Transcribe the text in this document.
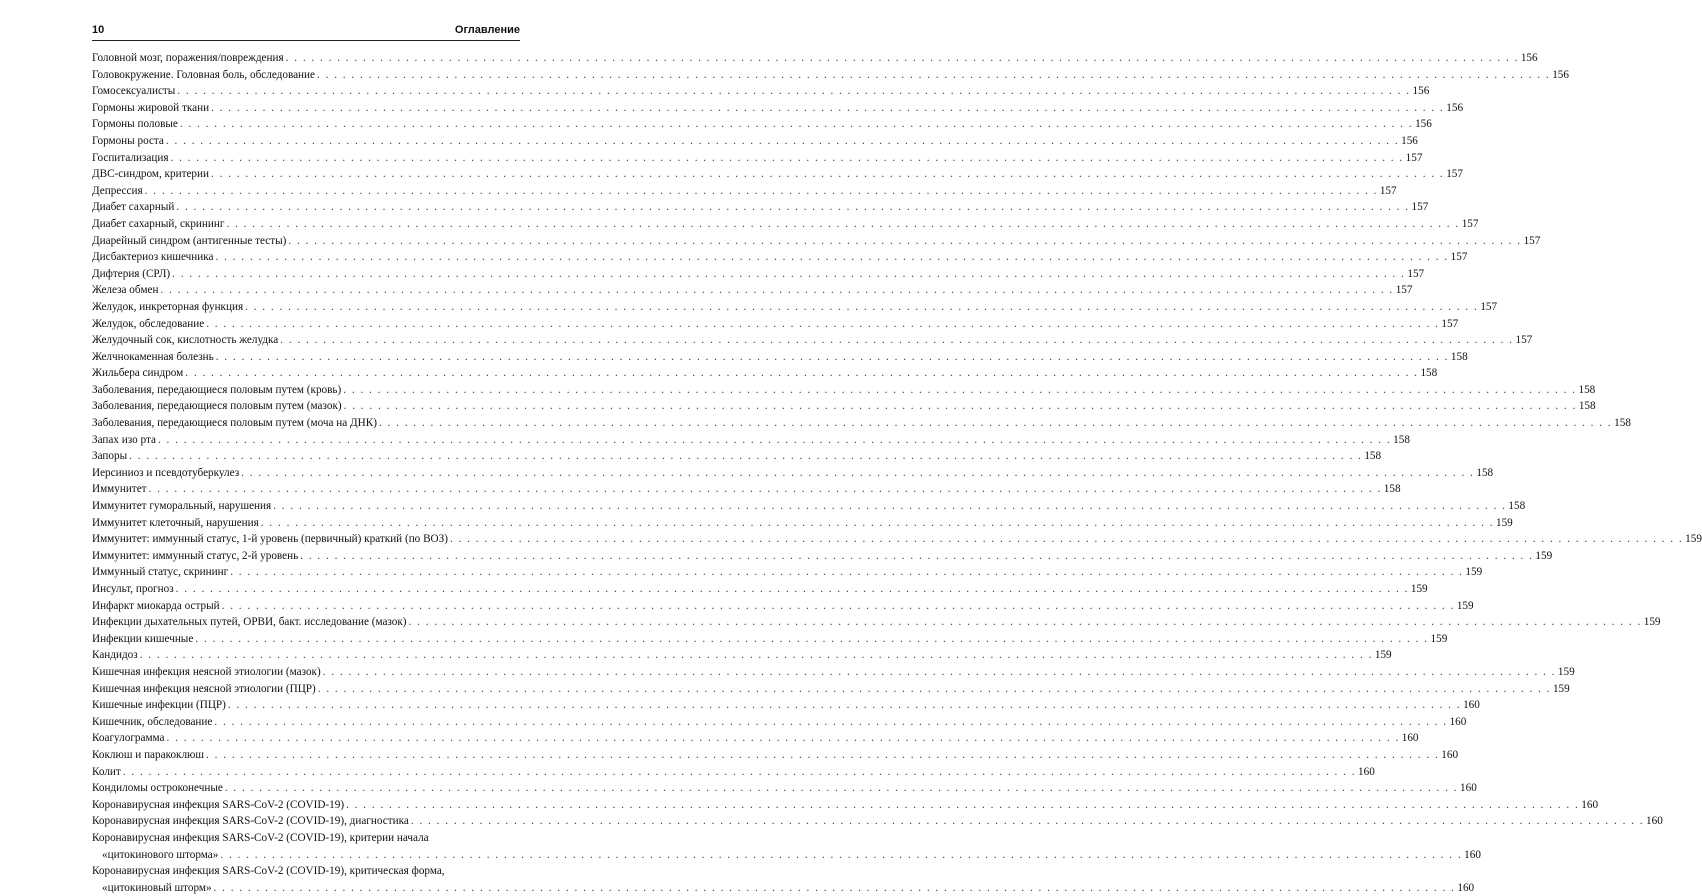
10	Оглавление
Головной мозг, поражения/повреждения . . .	156
Головокружение. Головная боль, обследование . . .	156
Гомосексуалисты . . .	156
Гормоны жировой ткани . . .	156
Гормоны половые . . .	156
Гормоны роста . . .	156
Госпитализация . . .	157
ДВС-синдром, критерии . . .	157
Депрессия . . .	157
Диабет сахарный . . .	157
Диабет сахарный, скрининг . . .	157
Диарейный синдром (антигенные тесты) . . .	157
Дисбактериоз кишечника . . .	157
Дифтерия (СРЛ) . . .	157
Железа обмен . . .	157
Желудок, инкреторная функция . . .	157
Желудок, обследование . . .	157
Желудочный сок, кислотность желудка . . .	157
Желчнокаменная болезнь . . .	158
Жильбера синдром . . .	158
Заболевания, передающиеся половым путем (кровь) . . .	158
Заболевания, передающиеся половым путем (мазок) . . .	158
Заболевания, передающиеся половым путем (моча на ДНК) . . .	158
Запах изо рта . . .	158
Запоры . . .	158
Иерсиниоз и псевдотуберкулез . . .	158
Иммунитет . . .	158
Иммунитет гуморальный, нарушения . . .	158
Иммунитет клеточный, нарушения . . .	159
Иммунитет: иммунный статус, 1-й уровень (первичный) краткий (по ВОЗ) . . .	159
Иммунитет: иммунный статус, 2-й уровень . . .	159
Иммунный статус, скрининг . . .	159
Инсульт, прогноз . . .	159
Инфаркт миокарда острый . . .	159
Инфекции дыхательных путей, ОРВИ, бакт. исследование (мазок) . . .	159
Инфекции кишечные . . .	159
Кандидоз . . .	159
Кишечная инфекция неясной этиологии (мазок) . . .	159
Кишечная инфекция неясной этиологии (ПЦР) . . .	159
Кишечные инфекции (ПЦР) . . .	160
Кишечник, обследование . . .	160
Коагулограмма . . .	160
Коклюш и паракоклюш . . .	160
Колит . . .	160
Кондиломы остроконечные . . .	160
Коронавирусная инфекция SARS-CoV-2 (COVID-19) . . .	160
Коронавирусная инфекция SARS-CoV-2 (COVID-19), диагностика . . .	160
Коронавирусная инфекция SARS-CoV-2 (COVID-19), критерии начала
«цитокинового шторма» . . .	160
Коронавирусная инфекция SARS-CoV-2 (COVID-19), критическая форма,
«цитокиновый шторм» . . .	160
